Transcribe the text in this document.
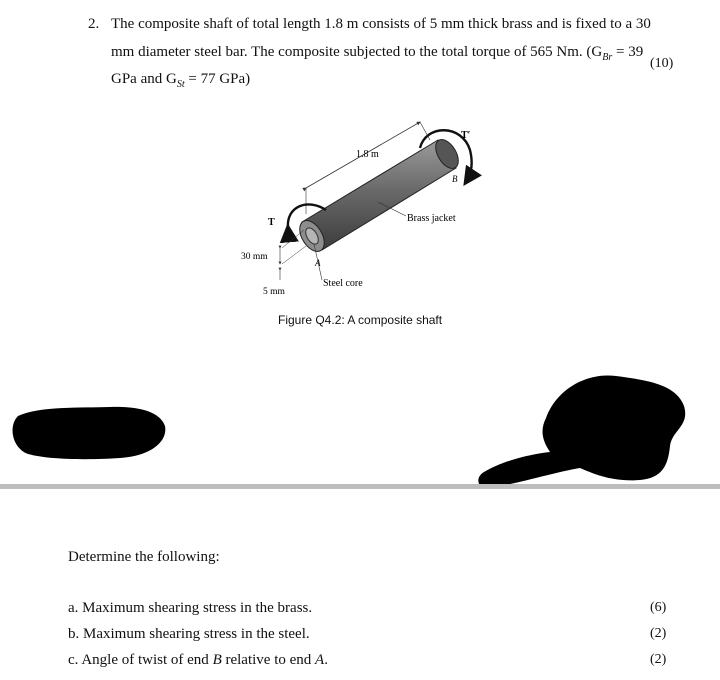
2. The composite shaft of total length 1.8 m consists of 5 mm thick brass and is fixed to a 30
mm diameter steel bar. The composite subjected to the total torque of 565 Nm. ($G_{Br} = 39$
GPa and $G_{St} = 77$ GPa)
(10)
1.8 m
T
T′
B
A
Brass jacket
Steel core
30 mm
5 mm
Figure Q4.2: A composite shaft
Determine the following:
a. Maximum shearing stress in the brass.
b. Maximum shearing stress in the steel.
c. Angle of twist of end B relative to end A.
(6)
(2)
(2)
